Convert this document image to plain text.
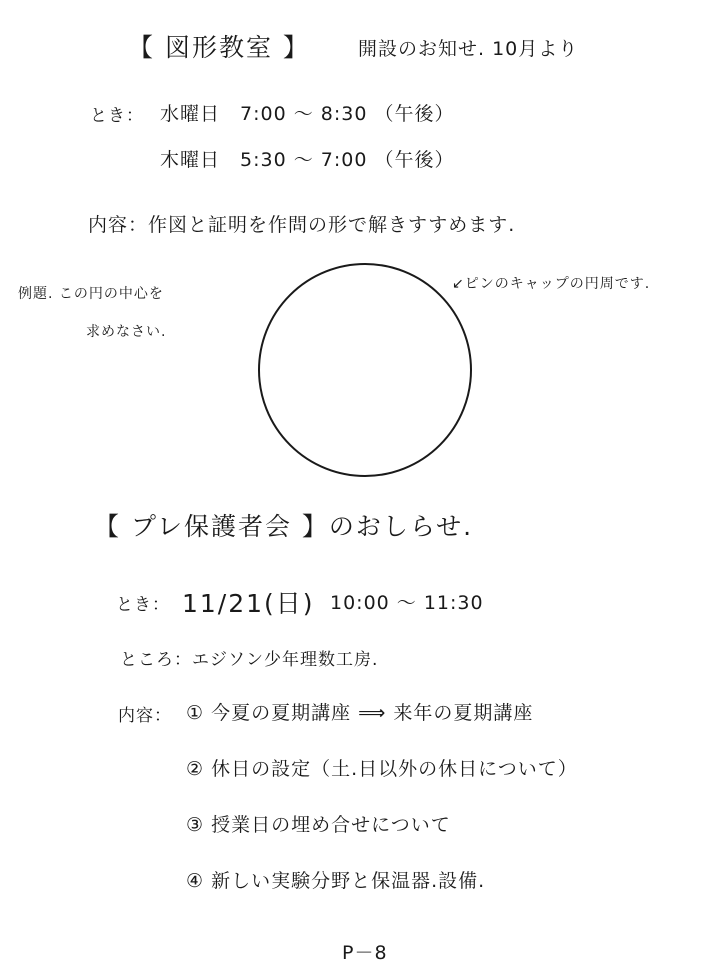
【 図形教室 】	開設のお知せ. 10月より
とき： 水曜日　7:00 〜 8:30 （午後）
木曜日　5:30 〜 7:00 （午後）
内容：作図と証明を作問の形で解きすすめます.
例題. この円の中心を
求めなさい.
↙ピンのキャップの円周です.
【 プレ保護者会 】のおしらせ.
とき： 11/21(日) 10:00 〜 11:30
ところ：エジソン少年理数工房.
内容： ① 今夏の夏期講座 ⟹ 来年の夏期講座
② 休日の設定（土.日以外の休日について）
③ 授業日の埋め合せについて
④ 新しい実験分野と保温器.設備.
P－8
